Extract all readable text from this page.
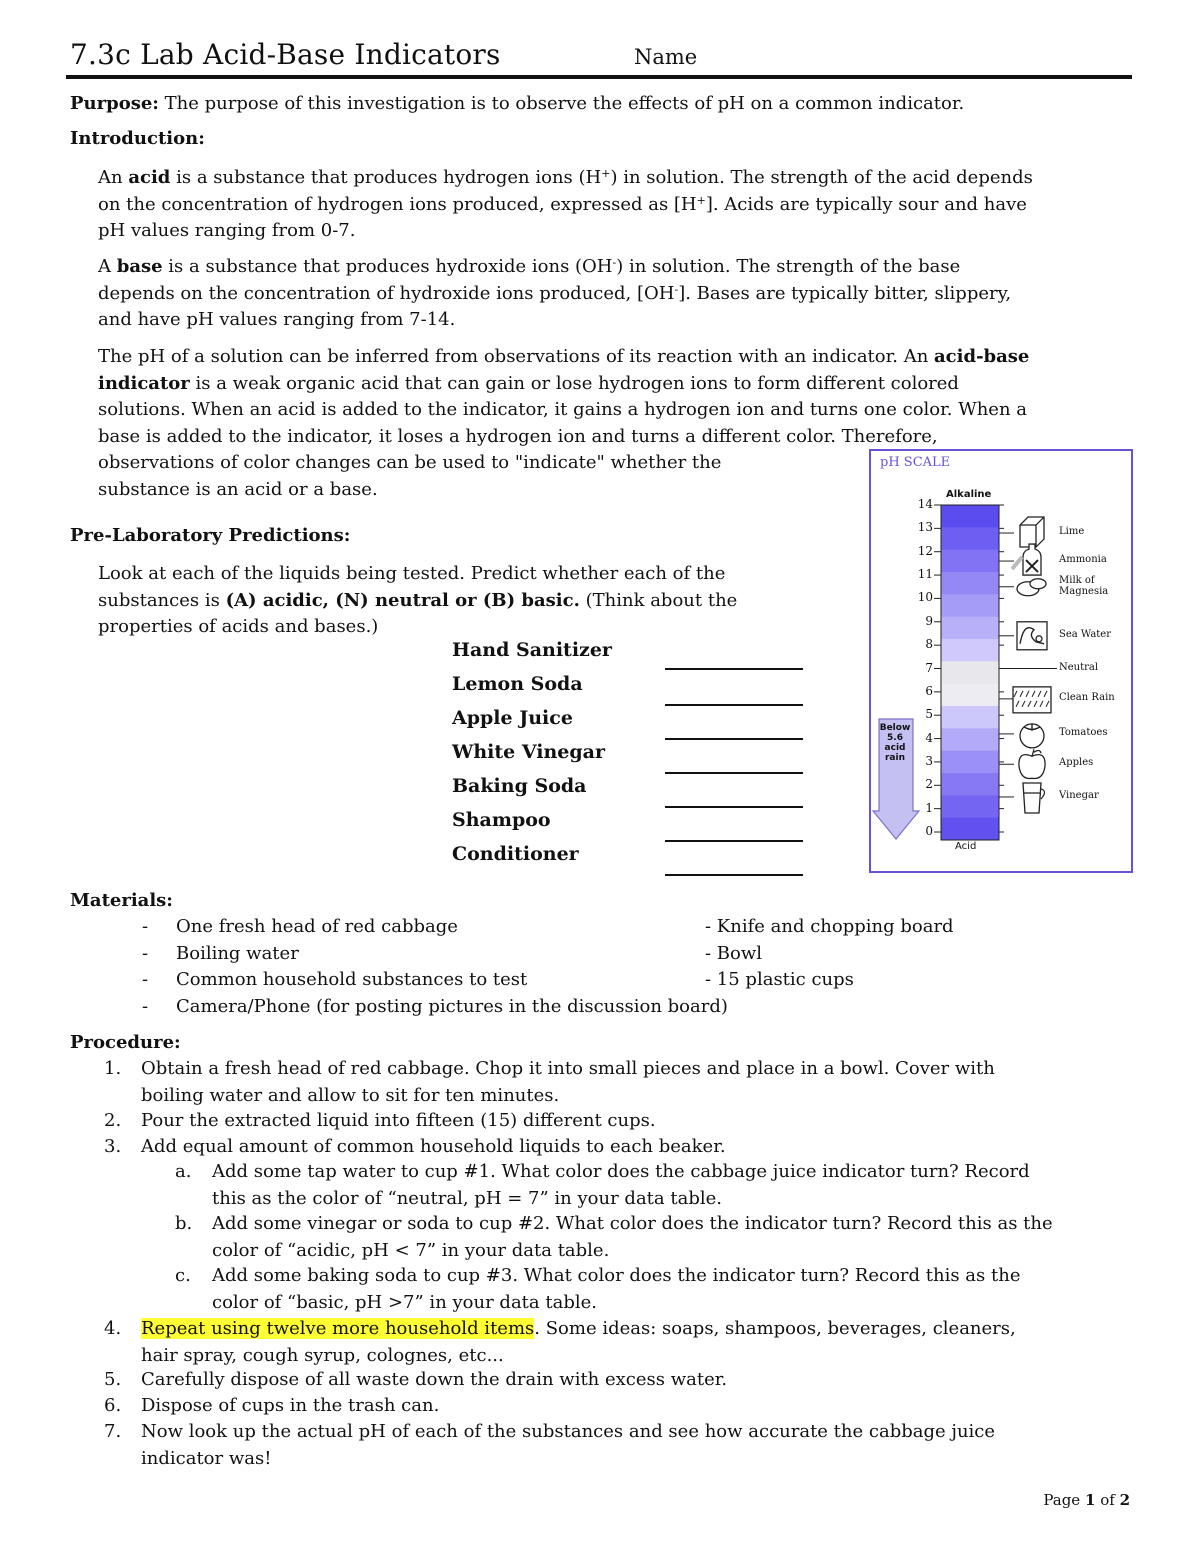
7.3c Lab Acid-Base Indicators	Name
Purpose: The purpose of this investigation is to observe the effects of pH on a common indicator.
Introduction:
An acid is a substance that produces hydrogen ions (H+) in solution. The strength of the acid depends
on the concentration of hydrogen ions produced, expressed as [H+]. Acids are typically sour and have
pH values ranging from 0-7.
A base is a substance that produces hydroxide ions (OH-) in solution. The strength of the base
depends on the concentration of hydroxide ions produced, [OH-]. Bases are typically bitter, slippery,
and have pH values ranging from 7-14.
The pH of a solution can be inferred from observations of its reaction with an indicator. An acid-base
indicator is a weak organic acid that can gain or lose hydrogen ions to form different colored
solutions. When an acid is added to the indicator, it gains a hydrogen ion and turns one color. When a
base is added to the indicator, it loses a hydrogen ion and turns a different color. Therefore,
observations of color changes can be used to "indicate" whether the
substance is an acid or a base.
Pre-Laboratory Predictions:
Look at each of the liquids being tested. Predict whether each of the
substances is (A) acidic, (N) neutral or (B) basic. (Think about the
properties of acids and bases.)
Hand Sanitizer
Lemon Soda
Apple Juice
White Vinegar
Baking Soda
Shampoo
Conditioner
pH SCALE
Alkaline
Acid
Below
5.6
acid
rain
14
13
12
11
10
9
8
7
6
5
4
3
2
1
0
Lime
Ammonia
Milk of
Magnesia
Sea Water
Neutral
Clean Rain
Tomatoes
Apples
Vinegar
Materials:
- One fresh head of red cabbage
- Boiling water
- Common household substances to test
- Camera/Phone (for posting pictures in the discussion board)
- Knife and chopping board
- Bowl
- 15 plastic cups
Procedure:
1. Obtain a fresh head of red cabbage. Chop it into small pieces and place in a bowl. Cover with
boiling water and allow to sit for ten minutes.
2. Pour the extracted liquid into fifteen (15) different cups.
3. Add equal amount of common household liquids to each beaker.
a. Add some tap water to cup #1. What color does the cabbage juice indicator turn? Record
this as the color of “neutral, pH = 7” in your data table.
b. Add some vinegar or soda to cup #2. What color does the indicator turn? Record this as the
color of “acidic, pH < 7” in your data table.
c. Add some baking soda to cup #3. What color does the indicator turn? Record this as the
color of “basic, pH >7” in your data table.
4. Repeat using twelve more household items. Some ideas: soaps, shampoos, beverages, cleaners,
hair spray, cough syrup, colognes, etc...
5. Carefully dispose of all waste down the drain with excess water.
6. Dispose of cups in the trash can.
7. Now look up the actual pH of each of the substances and see how accurate the cabbage juice
indicator was!
Page 1 of 2
